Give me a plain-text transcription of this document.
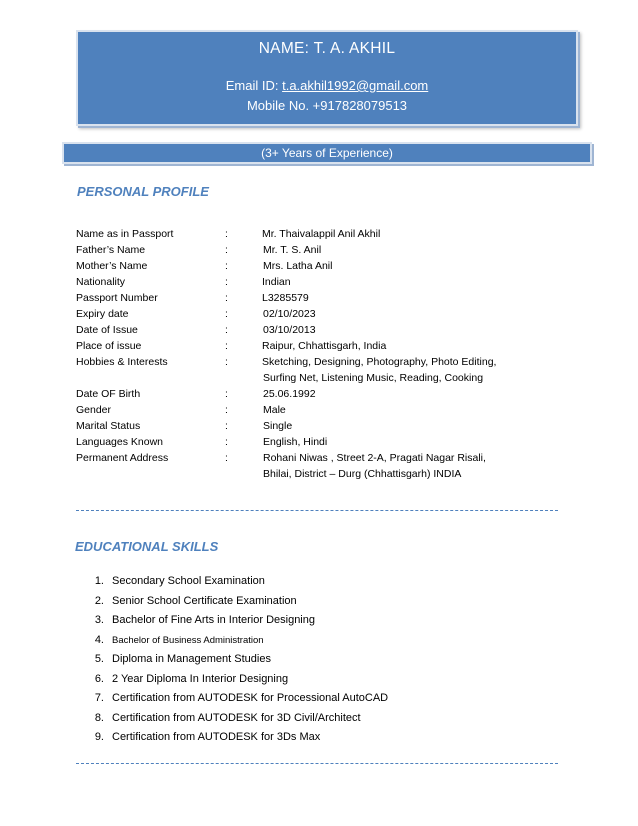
NAME: T. A. AKHIL
Email ID: t.a.akhil1992@gmail.com
Mobile No. +917828079513
(3+ Years of Experience)
PERSONAL PROFILE
Name as in Passport	:	Mr. Thaivalappil Anil Akhil
Father’s Name	:	Mr. T. S. Anil
Mother’s Name	:	Mrs. Latha Anil
Nationality	:	Indian
Passport Number	:	L3285579
Expiry date	:	02/10/2023
Date of Issue	:	03/10/2013
Place of issue	:	Raipur, Chhattisgarh, India
Hobbies & Interests	:	Sketching, Designing, Photography, Photo Editing,
Surfing Net, Listening Music, Reading, Cooking
Date OF Birth	:	25.06.1992
Gender	:	Male
Marital Status	:	Single
Languages Known	:	English, Hindi
Permanent Address	:	Rohani Niwas , Street 2-A, Pragati Nagar Risali,
Bhilai, District – Durg (Chhattisgarh) INDIA
EDUCATIONAL SKILLS
1. Secondary School Examination
2. Senior School Certificate Examination
3. Bachelor of Fine Arts in Interior Designing
4. Bachelor of Business Administration
5. Diploma in Management Studies
6. 2 Year Diploma In Interior Designing
7. Certification from AUTODESK for Processional AutoCAD
8. Certification from AUTODESK for 3D Civil/Architect
9. Certification from AUTODESK for 3Ds Max
